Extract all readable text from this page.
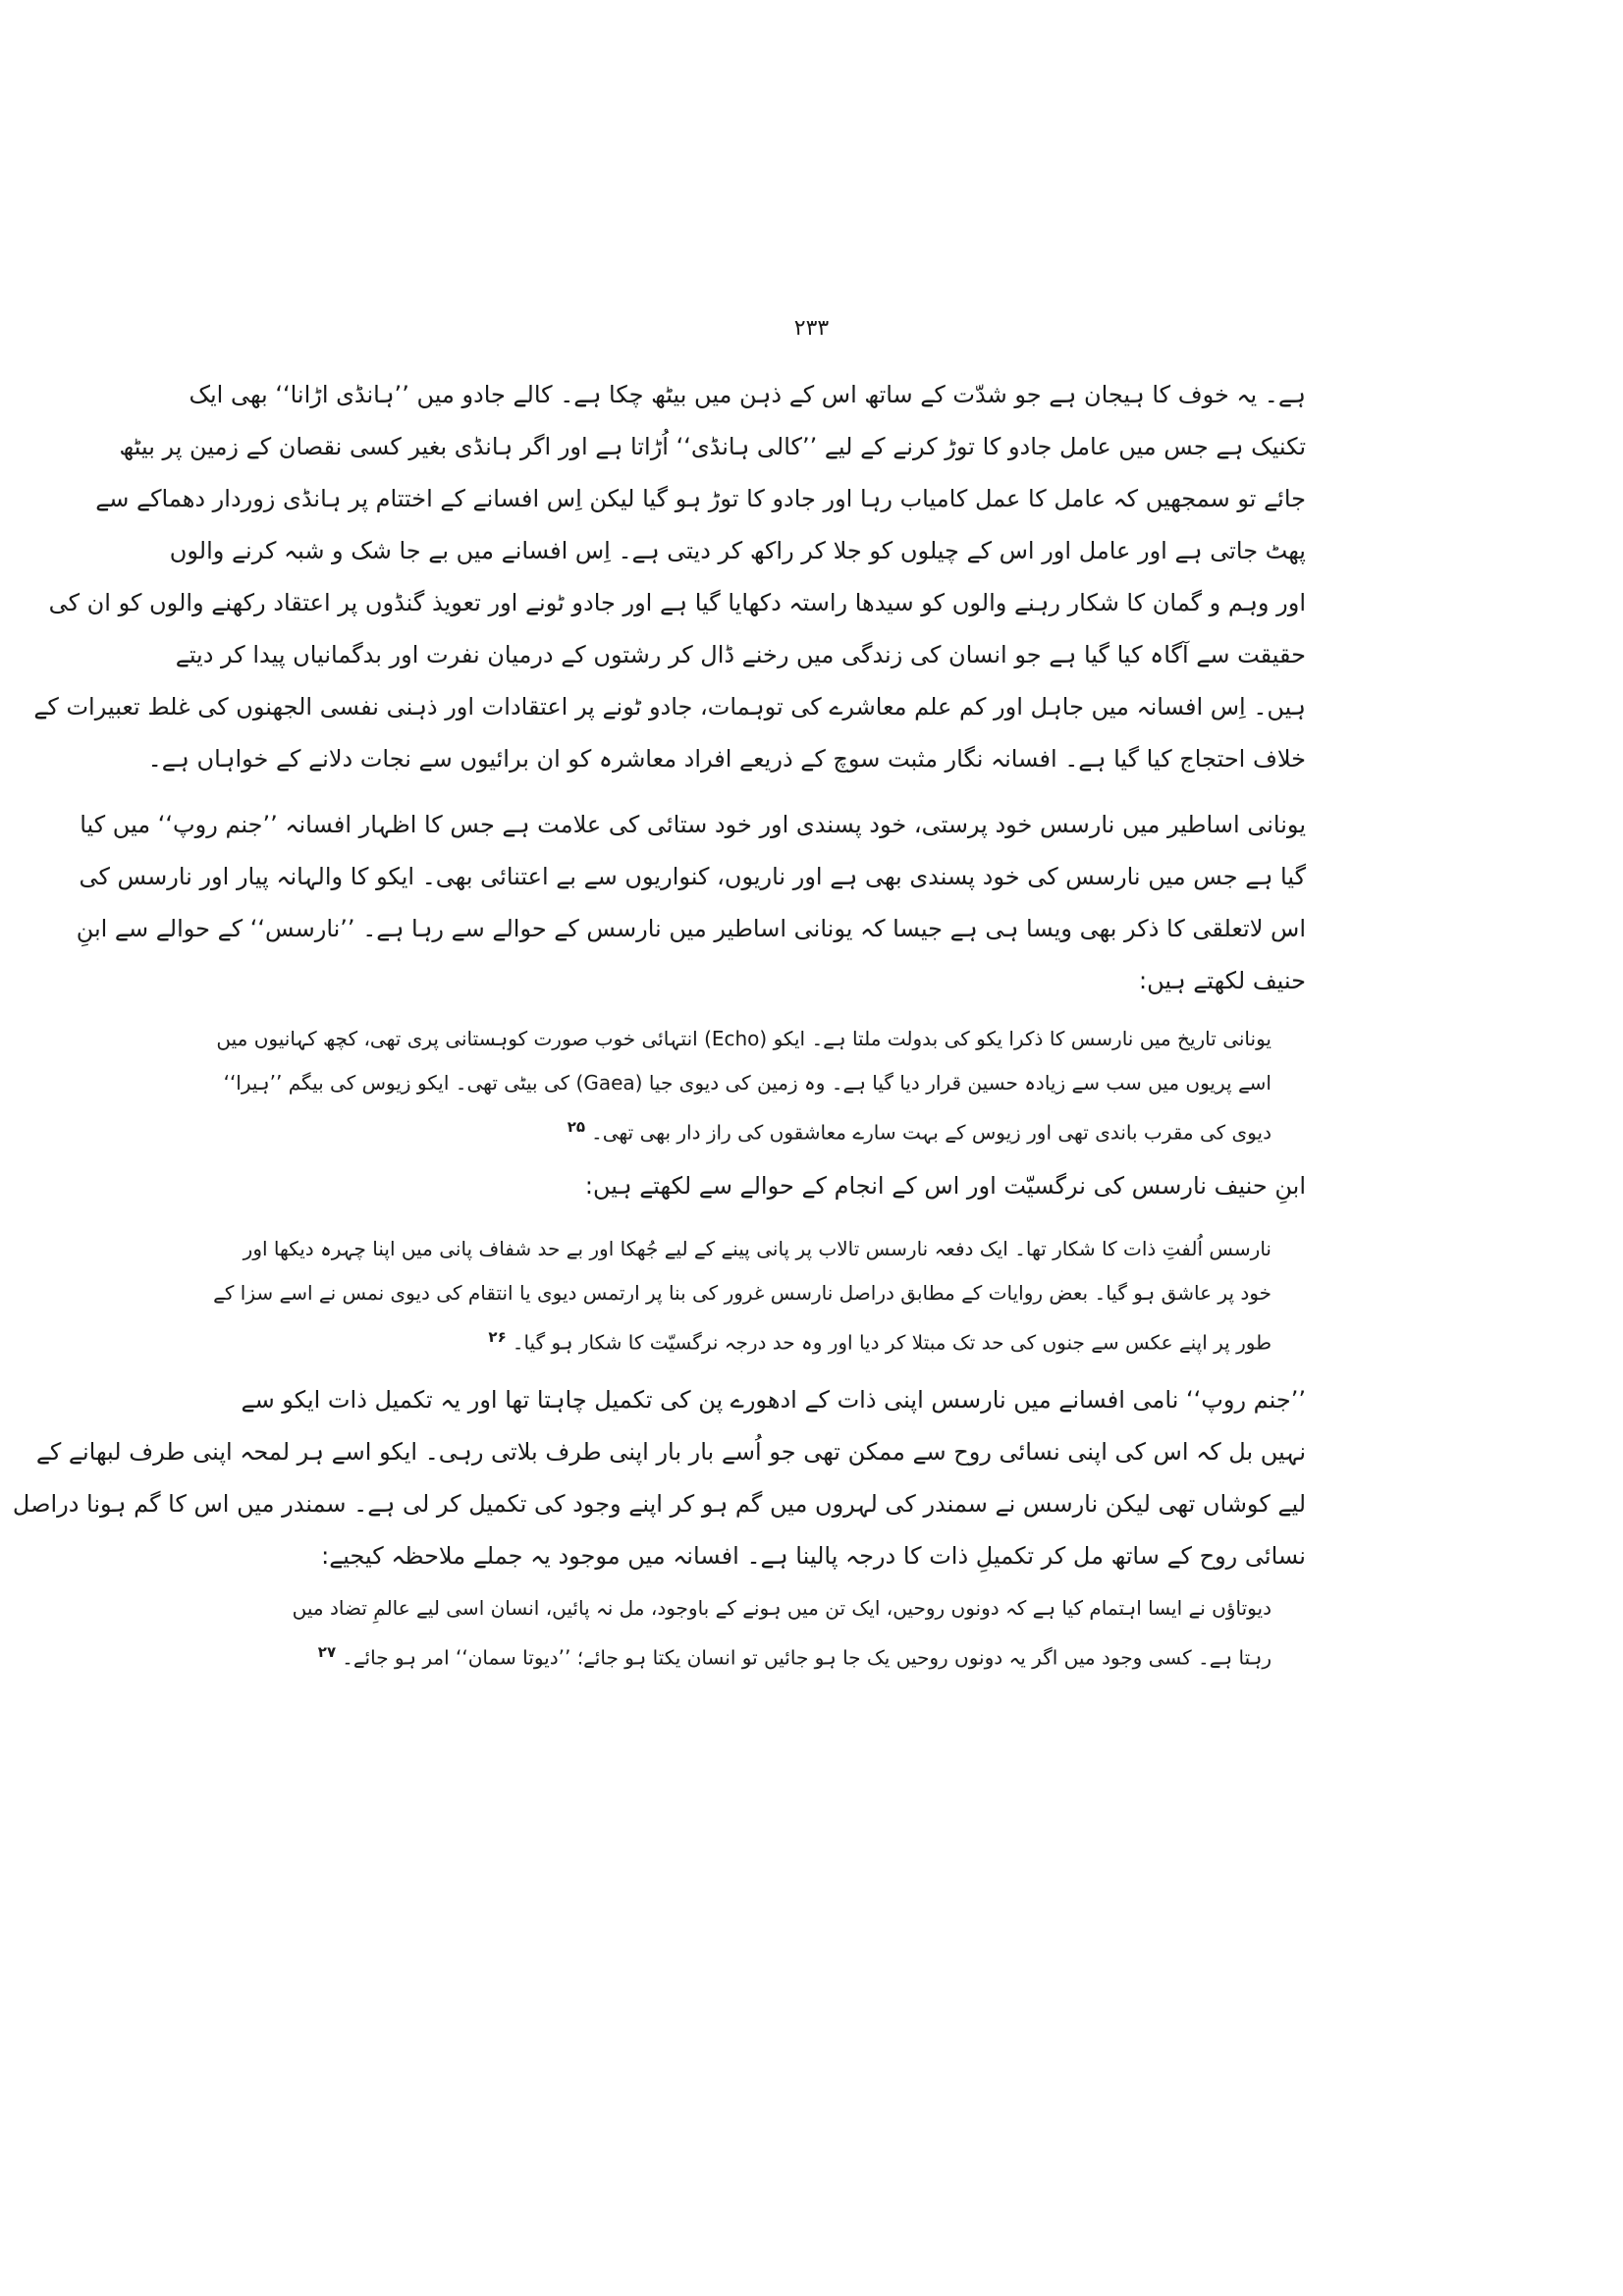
۲۳۳
ہے۔ یہ خوف کا ہیجان ہے جو شدّت کے ساتھ اس کے ذہن میں بیٹھ چکا ہے۔ کالے جادو میں ’’ہانڈی اڑانا‘‘ بھی ایک
تکنیک ہے جس میں عامل جادو کا توڑ کرنے کے لیے ’’کالی ہانڈی‘‘ اُڑاتا ہے اور اگر ہانڈی بغیر کسی نقصان کے زمین پر بیٹھ
جائے تو سمجھیں کہ عامل کا عمل کامیاب رہا اور جادو کا توڑ ہو گیا لیکن اِس افسانے کے اختتام پر ہانڈی زوردار دھماکے سے
پھٹ جاتی ہے اور عامل اور اس کے چیلوں کو جلا کر راکھ کر دیتی ہے۔ اِس افسانے میں بے جا شک و شبہ کرنے والوں
اور وہم و گمان کا شکار رہنے والوں کو سیدھا راستہ دکھایا گیا ہے اور جادو ٹونے اور تعویذ گنڈوں پر اعتقاد رکھنے والوں کو ان کی
حقیقت سے آگاہ کیا گیا ہے جو انسان کی زندگی میں رخنے ڈال کر رشتوں کے درمیان نفرت اور بدگمانیاں پیدا کر دیتے
ہیں۔ اِس افسانہ میں جاہل اور کم علم معاشرے کی توہمات، جادو ٹونے پر اعتقادات اور ذہنی نفسی الجھنوں کی غلط تعبیرات کے
خلاف احتجاج کیا گیا ہے۔ افسانہ نگار مثبت سوچ کے ذریعے افراد معاشرہ کو ان برائیوں سے نجات دلانے کے خواہاں ہے۔
یونانی اساطیر میں نارسس خود پرستی، خود پسندی اور خود ستائی کی علامت ہے جس کا اظہار افسانہ ’’جنم روپ‘‘ میں کیا
گیا ہے جس میں نارسس کی خود پسندی بھی ہے اور ناریوں، کنواریوں سے بے اعتنائی بھی۔ ایکو کا والہانہ پیار اور نارسس کی
اس لاتعلقی کا ذکر بھی ویسا ہی ہے جیسا کہ یونانی اساطیر میں نارسس کے حوالے سے رہا ہے۔ ’’نارسس‘‘ کے حوالے سے ابنِ
حنیف لکھتے ہیں:
یونانی تاریخ میں نارسس کا ذکرا یکو کی بدولت ملتا ہے۔ ایکو (Echo) انتہائی خوب صورت کوہستانی پری تھی، کچھ کہانیوں میں
اسے پریوں میں سب سے زیادہ حسین قرار دیا گیا ہے۔ وہ زمین کی دیوی جیا (Gaea) کی بیٹی تھی۔ ایکو زیوس کی بیگم ’’ہیرا‘‘
دیوی کی مقرب باندی تھی اور زیوس کے بہت سارے معاشقوں کی راز دار بھی تھی۔$^{۲۵}$
ابنِ حنیف نارسس کی نرگسیّت اور اس کے انجام کے حوالے سے لکھتے ہیں:
نارسس اُلفتِ ذات کا شکار تھا۔ ایک دفعہ نارسس تالاب پر پانی پینے کے لیے جُھکا اور بے حد شفاف پانی میں اپنا چہرہ دیکھا اور
خود پر عاشق ہو گیا۔ بعض روایات کے مطابق دراصل نارسس غرور کی بنا پر ارتمس دیوی یا انتقام کی دیوی نمس نے اسے سزا کے
طور پر اپنے عکس سے جنوں کی حد تک مبتلا کر دیا اور وہ حد درجہ نرگسیّت کا شکار ہو گیا۔$^{۲۶}$
’’جنم روپ‘‘ نامی افسانے میں نارسس اپنی ذات کے ادھورے پن کی تکمیل چاہتا تھا اور یہ تکمیل ذات ایکو سے
نہیں بل کہ اس کی اپنی نسائی روح سے ممکن تھی جو اُسے بار بار اپنی طرف بلاتی رہی۔ ایکو اسے ہر لمحہ اپنی طرف لبھانے کے
لیے کوشاں تھی لیکن نارسس نے سمندر کی لہروں میں گم ہو کر اپنے وجود کی تکمیل کر لی ہے۔ سمندر میں اس کا گم ہونا دراصل
نسائی روح کے ساتھ مل کر تکمیلِ ذات کا درجہ پالینا ہے۔ افسانہ میں موجود یہ جملے ملاحظہ کیجیے:
دیوتاؤں نے ایسا اہتمام کیا ہے کہ دونوں روحیں، ایک تن میں ہونے کے باوجود، مل نہ پائیں، انسان اسی لیے عالمِ تضاد میں
رہتا ہے۔ کسی وجود میں اگر یہ دونوں روحیں یک جا ہو جائیں تو انسان یکتا ہو جائے؛ ’’دیوتا سمان‘‘ امر ہو جائے۔$^{۲۷}$
